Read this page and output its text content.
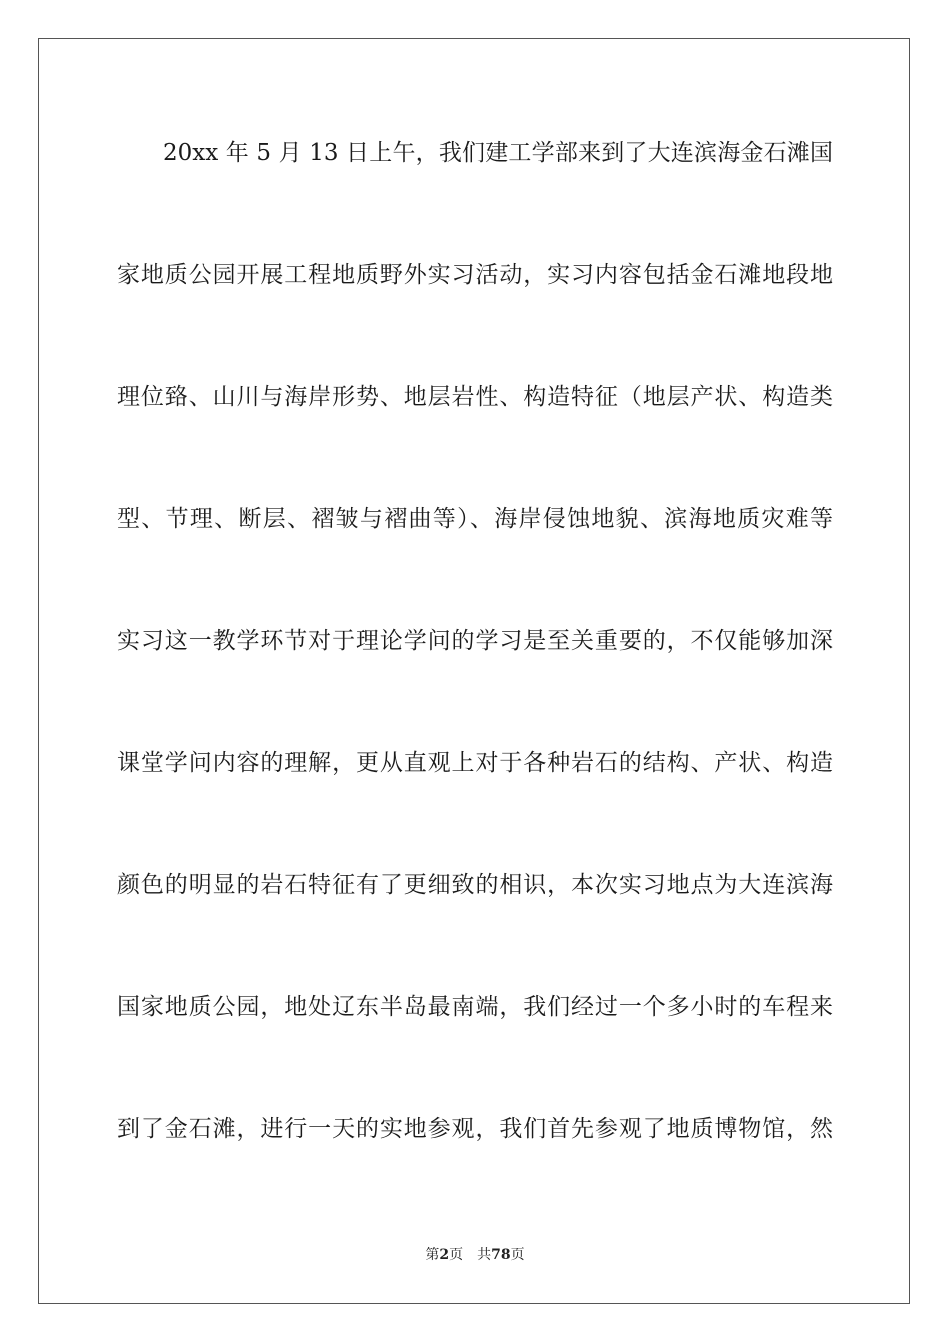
20xx 年 5 月 13 日上午，我们建工学部来到了大连滨海金石滩国
家地质公园开展工程地质野外实习活动，实习内容包括金石滩地段地
理位臵、山川与海岸形势、地层岩性、构造特征（地层产状、构造类
型、节理、断层、褶皱与褶曲等）、海岸侵蚀地貌、滨海地质灾难等
实习这一教学环节对于理论学问的学习是至关重要的，不仅能够加深
课堂学问内容的理解，更从直观上对于各种岩石的结构、产状、构造
颜色的明显的岩石特征有了更细致的相识，本次实习地点为大连滨海
国家地质公园，地处辽东半岛最南端，我们经过一个多小时的车程来
到了金石滩，进行一天的实地参观，我们首先参观了地质博物馆，然
第2页 共78页
